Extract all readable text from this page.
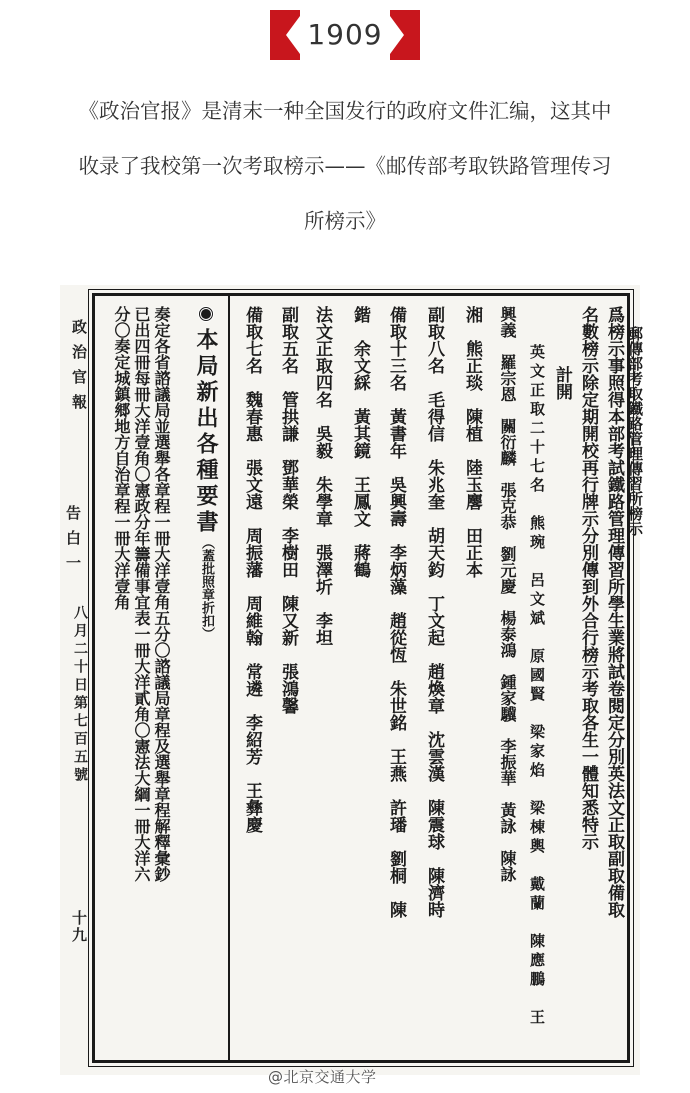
1909
《政治官报》是清末一种全国发行的政府文件汇编，这其中
收录了我校第一次考取榜示——《邮传部考取铁路管理传习
所榜示》
政治官報
告白一
八月二十日第七百五號
十九
分〇奏定城鎮郷地方自治章程一冊大洋壹角 已出四冊每冊大洋壹角〇憲政分年籌備事宜表一冊大洋貳角〇憲法大綱一冊大洋六 奏定各省諮議局並選舉各章程一冊大洋壹角五分〇諮議局章程及選舉章程解釋彙鈔 本局新出各種要書（蓋批照章折扣） 備取七名　魏春惠　張文遠　周振藩　周維翰　常遴　李紹芳　王彝慶 副取五名　管拱謙　鄧華榮　李樹田　陳又新　張鴻馨 法文正取四名　吳毅　朱學章　張澤圻　李坦 鍇　余文綵　黃其鏡　王鳳文　蔣鶴 備取十三名　黃書年　吳興壽　李炳藻　趙從恆　朱世銘　王燕　許璠　劉桐　陳 副取八名　毛得信　朱兆奎　胡天鈞　丁文起　趙煥章　沈雲漢　陳震球　陳濟時 湘　熊正琰　陳植　陸玉麐　田正本 興義　羅宗恩　關衍麟　張克恭　劉元慶　楊泰鴻　鍾家驥　李振華　黃詠　陳詠 英文正取二十七名　熊琬　呂文斌　原國賢　梁家焰　梁棟輿　戴蘭　陳應鵬　王 計開 名數榜示除定期開校再行牌示分別傳到外合行榜示考取各生一體知悉特示 爲榜示事照得本部考試鐵路管理傳習所學生業將試卷閱定分別英法文正取副取備取 郵傳部考取鐵路管理傳習所榜示
@北京交通大学
